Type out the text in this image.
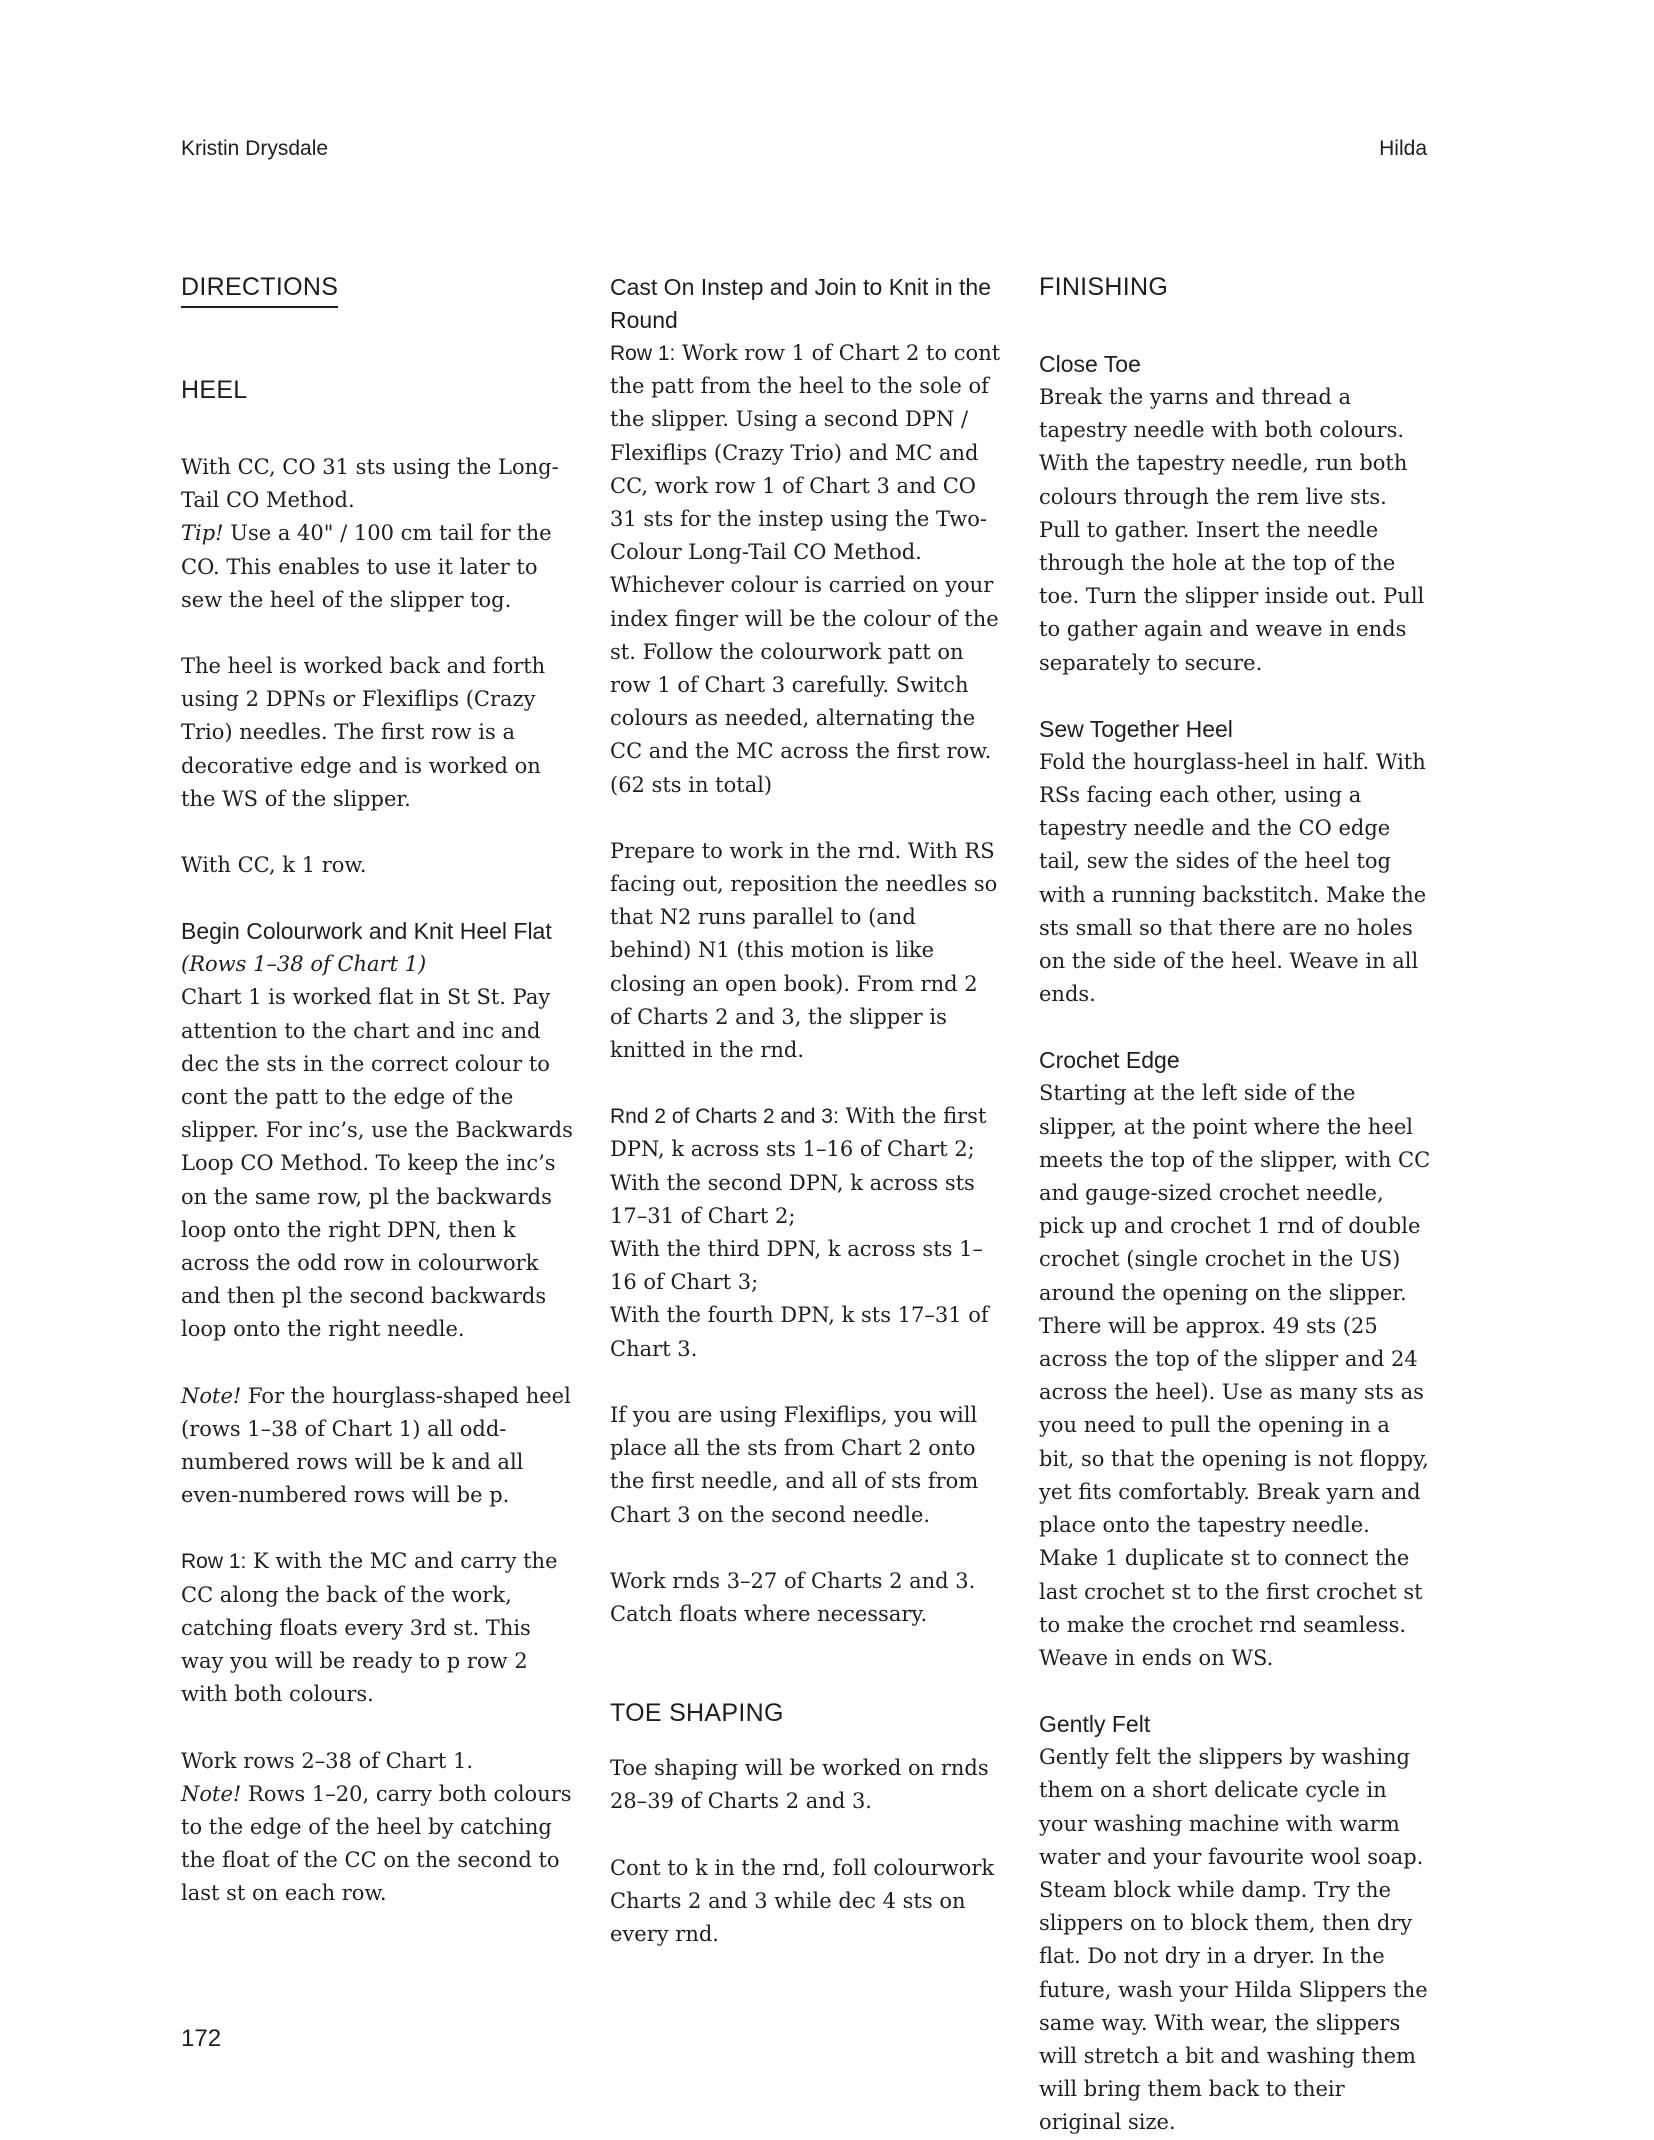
Kristin Drysdale	Hilda
DIRECTIONS
HEEL

With CC, CO 31 sts using the Long-Tail CO Method.

Tip! Use a 40" / 100 cm tail for the CO. This enables to use it later to sew the heel of the slipper tog.

The heel is worked back and forth using 2 DPNs or Flexiflips (Crazy Trio) needles. The first row is a decorative edge and is worked on the WS of the slipper.

With CC, k 1 row.

Begin Colourwork and Knit Heel Flat

(Rows 1–38 of Chart 1)

Chart 1 is worked flat in St St. Pay attention to the chart and inc and dec the sts in the correct colour to cont the patt to the edge of the slipper. For inc’s, use the Backwards Loop CO Method. To keep the inc’s on the same row, pl the backwards loop onto the right DPN, then k across the odd row in colourwork and then pl the second backwards loop onto the right needle.

Note! For the hourglass-shaped heel (rows 1–38 of Chart 1) all odd-numbered rows will be k and all even-numbered rows will be p.

Row 1: K with the MC and carry the CC along the back of the work, catching floats every 3rd st. This way you will be ready to p row 2 with both colours.

Work rows 2–38 of Chart 1.

Note! Rows 1–20, carry both colours to the edge of the heel by catching the float of the CC on the second to last st on each row.

Cast On Instep and Join to Knit in the Round

Row 1: Work row 1 of Chart 2 to cont the patt from the heel to the sole of the slipper. Using a second DPN / Flexiflips (Crazy Trio) and MC and CC, work row 1 of Chart 3 and CO 31 sts for the instep using the Two-Colour Long-Tail CO Method. Whichever colour is carried on your index finger will be the colour of the st. Follow the colourwork patt on row 1 of Chart 3 carefully. Switch colours as needed, alternating the CC and the MC across the first row. (62 sts in total)

Prepare to work in the rnd. With RS facing out, reposition the needles so that N2 runs parallel to (and behind) N1 (this motion is like closing an open book). From rnd 2 of Charts 2 and 3, the slipper is knitted in the rnd.

Rnd 2 of Charts 2 and 3: With the first DPN, k across sts 1–16 of Chart 2;

With the second DPN, k across sts 17–31 of Chart 2;

With the third DPN, k across sts 1–16 of Chart 3;

With the fourth DPN, k sts 17–31 of Chart 3.

If you are using Flexiflips, you will place all the sts from Chart 2 onto the first needle, and all of sts from Chart 3 on the second needle.

Work rnds 3–27 of Charts 2 and 3. Catch floats where necessary.

TOE SHAPING

Toe shaping will be worked on rnds 28–39 of Charts 2 and 3.

Cont to k in the rnd, foll colourwork Charts 2 and 3 while dec 4 sts on every rnd.

FINISHING
Close Toe

Break the yarns and thread a tapestry needle with both colours. With the tapestry needle, run both colours through the rem live sts. Pull to gather. Insert the needle through the hole at the top of the toe. Turn the slipper inside out. Pull to gather again and weave in ends separately to secure.

Sew Together Heel

Fold the hourglass-heel in half. With RSs facing each other, using a tapestry needle and the CO edge tail, sew the sides of the heel tog with a running backstitch. Make the sts small so that there are no holes on the side of the heel. Weave in all ends.

Crochet Edge

Starting at the left side of the slipper, at the point where the heel meets the top of the slipper, with CC and gauge-sized crochet needle, pick up and crochet 1 rnd of double crochet (single crochet in the US) around the opening on the slipper. There will be approx. 49 sts (25 across the top of the slipper and 24 across the heel). Use as many sts as you need to pull the opening in a bit, so that the opening is not floppy, yet fits comfortably. Break yarn and place onto the tapestry needle. Make 1 duplicate st to connect the last crochet st to the first crochet st to make the crochet rnd seamless. Weave in ends on WS.

Gently Felt

Gently felt the slippers by washing them on a short delicate cycle in your washing machine with warm water and your favourite wool soap. Steam block while damp. Try the slippers on to block them, then dry flat. Do not dry in a dryer. In the future, wash your Hilda Slippers the same way. With wear, the slippers will stretch a bit and washing them will bring them back to their original size.

172
